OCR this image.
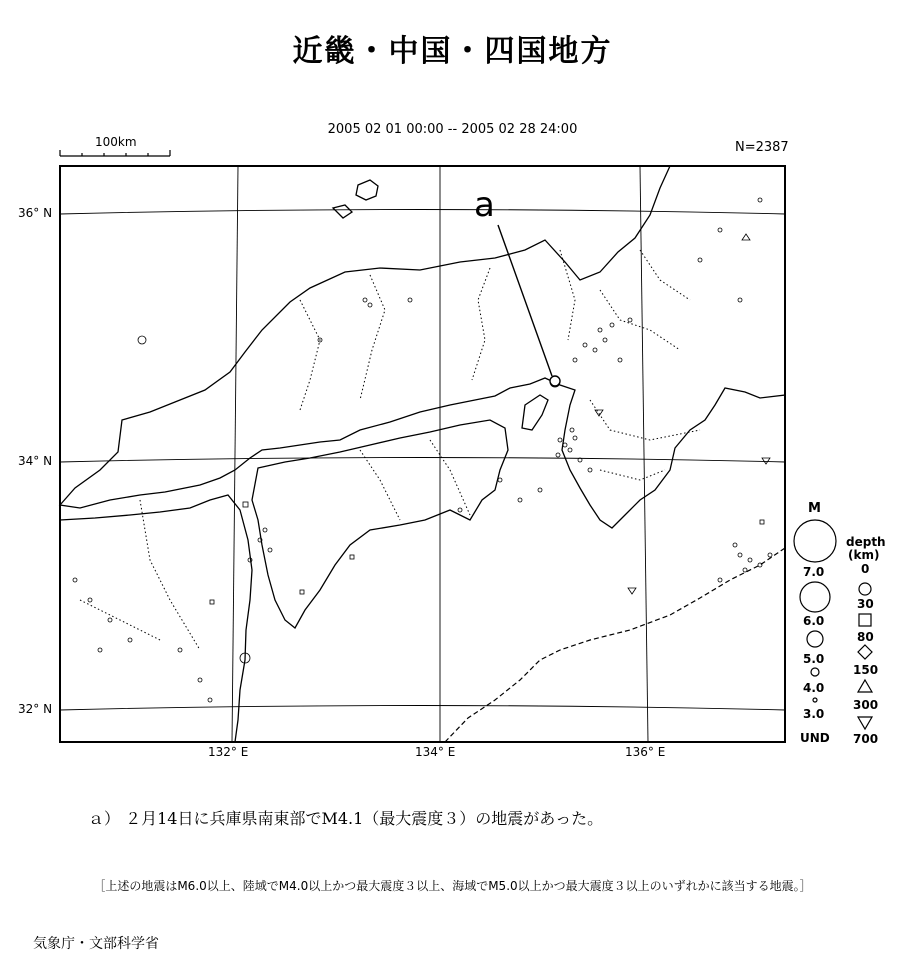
近畿・中国・四国地方
2005 02 01 00:00 -- 2005 02 28 24:00
N=2387
100km
36° N
34° N
32° N
132° E	134° E	136° E
a
M
7.0
6.0
5.0
4.0
3.0
UND
depth
(km)
0
30
80
150
300
700
ａ） ２月14日に兵庫県南東部でM4.1（最大震度３）の地震があった。
［上述の地震はM6.0以上、陸域でM4.0以上かつ最大震度３以上、海域でM5.0以上かつ最大震度３以上のいずれかに該当する地震。］
気象庁・文部科学省
